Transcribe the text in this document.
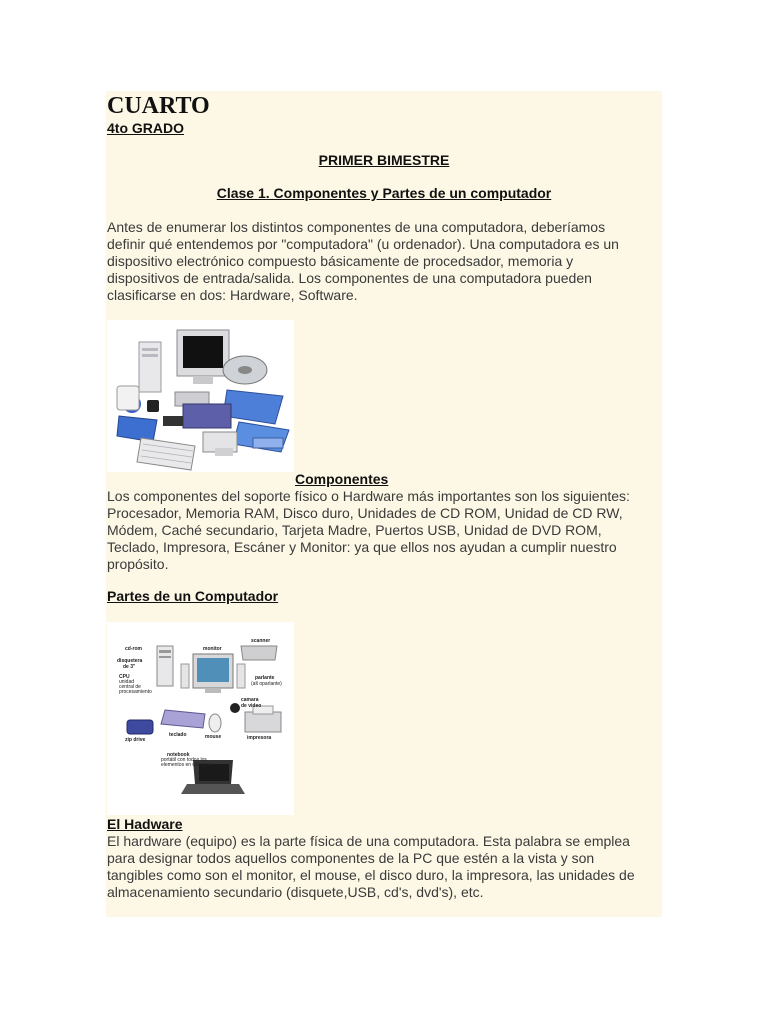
CUARTO
4to GRADO
PRIMER BIMESTRE
Clase 1. Componentes y Partes de un computador
Antes de enumerar los distintos componentes de una computadora, deberíamos
definir qué entendemos por "computadora" (u ordenador). Una computadora es un
dispositivo electrónico compuesto básicamente de procedsador, memoria y
dispositivos de entrada/salida. Los componentes de una computadora pueden
clasificarse en dos: Hardware, Software.
Componentes
Los componentes del soporte físico o Hardware más importantes son los siguientes:
Procesador, Memoria RAM, Disco duro, Unidades de CD ROM, Unidad de CD RW,
Módem, Caché secundario, Tarjeta Madre, Puertos USB, Unidad de DVD ROM,
Teclado, Impresora, Escáner y Monitor: ya que ellos nos ayudan a cumplir nuestro
propósito.
Partes de un Computador
cd-rom
disquetera
de 3"
CPU
unidad
central de
procesamiento
monitor
scanner
parlante
(alt oparlante)
camara
de video
zip drive
teclado	mouse	impresora
notebook
portátil con todos los
elementos en uno aqui
El Hadware
El hardware (equipo) es la parte física de una computadora. Esta palabra se emplea
para designar todos aquellos componentes de la PC que estén a la vista y son
tangibles como son el monitor, el mouse, el disco duro, la impresora, las unidades de
almacenamiento secundario (disquete,USB, cd's, dvd's), etc.
